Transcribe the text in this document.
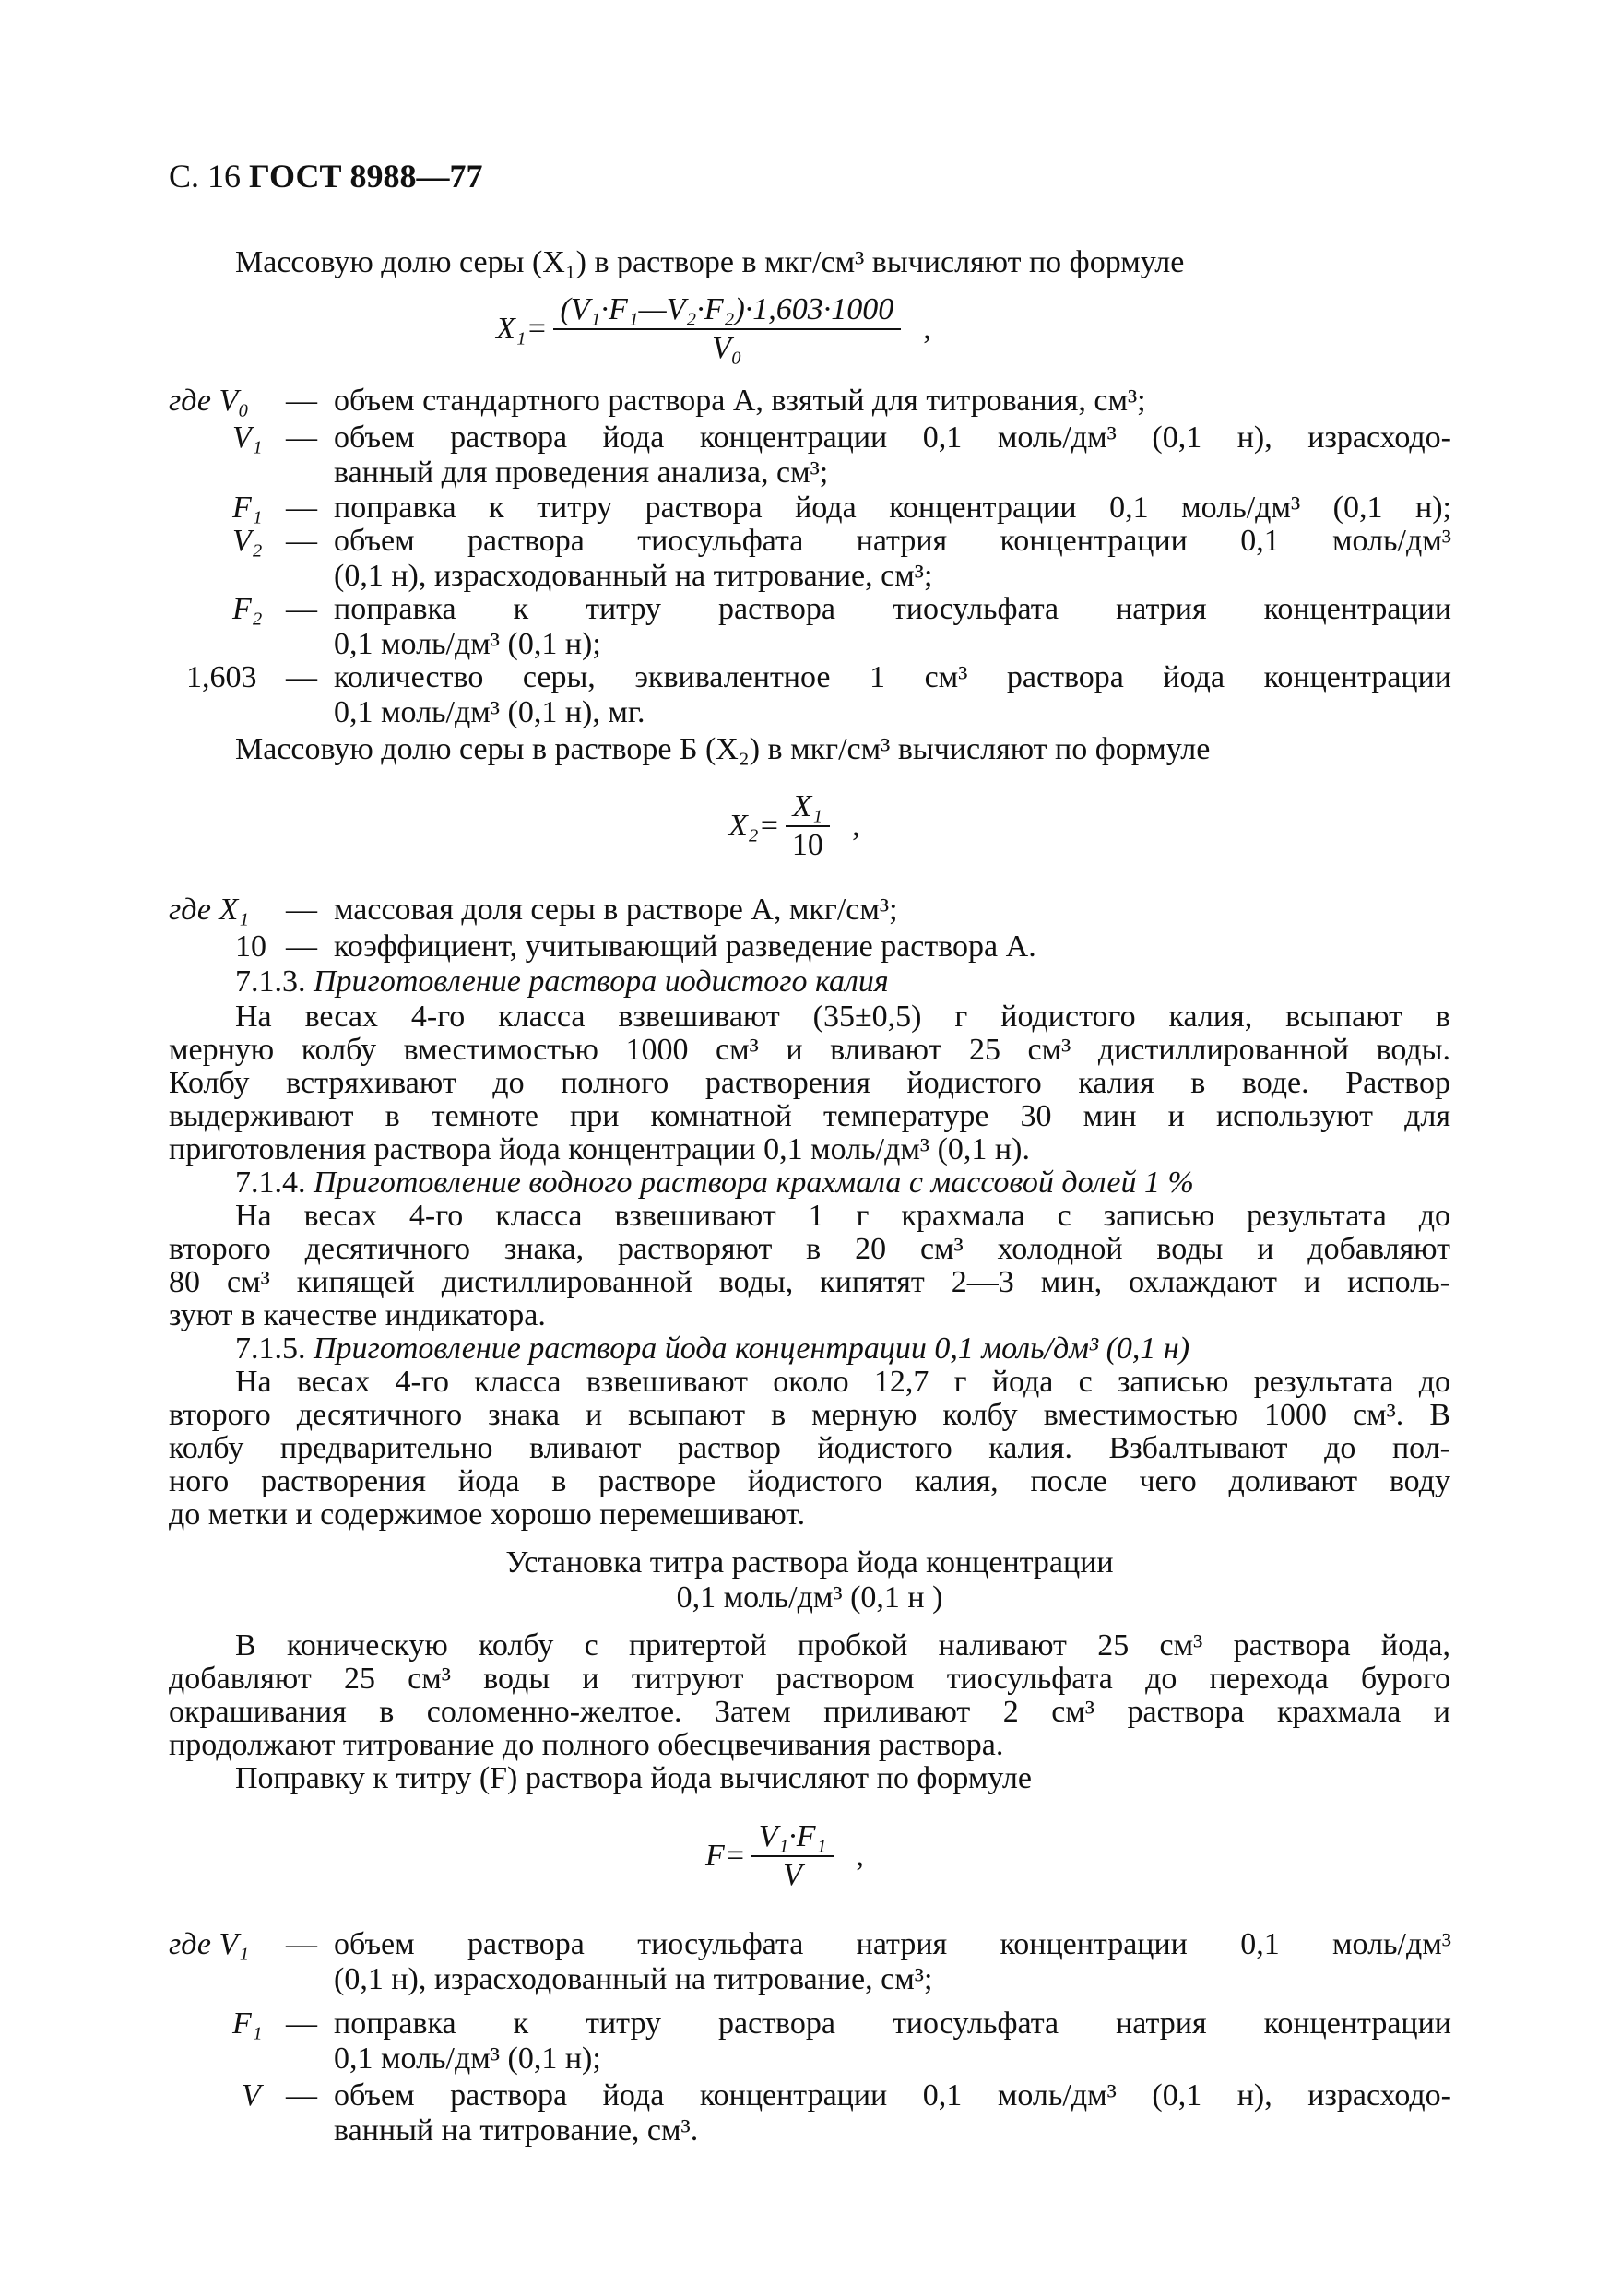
С. 16 ГОСТ 8988—77
Массовую долю серы (X₁) в растворе в мкг/см³ вычисляют по формуле
$X_1= \frac{\text{(V₁·F₁—V₂·F₂)·1,603·1000}}{\text{V₀}}$ ,
где V₀ — объем стандартного раствора А, взятый для титрования, см³;
V₁ — объем раствора йода концентрации 0,1 моль/дм³ (0,1 н), израсходо-
ванный для проведения анализа, см³;
F₁ — поправка к титру раствора йода концентрации 0,1 моль/дм³ (0,1 н);
V₂ — объем раствора тиосульфата натрия концентрации 0,1 моль/дм³
(0,1 н), израсходованный на титрование, см³;
F₂ — поправка к титру раствора тиосульфата натрия концентрации
0,1 моль/дм³ (0,1 н);
1,603 — количество серы, эквивалентное 1 см³ раствора йода концентрации
0,1 моль/дм³ (0,1 н), мг.
Массовую долю серы в растворе Б (X₂) в мкг/см³ вычисляют по формуле
$X_2= \frac{\text{X₁}}{10}$ ,
где X₁ — массовая доля серы в растворе А, мкг/см³;
10 — коэффициент, учитывающий разведение раствора А.
7.1.3. Приготовление раствора иодистого калия
На весах 4-го класса взвешивают (35±0,5) г йодистого калия, всыпают в
мерную колбу вместимостью 1000 см³ и вливают 25 см³ дистиллированной воды.
Колбу встряхивают до полного растворения йодистого калия в воде. Раствор
выдерживают в темноте при комнатной температуре 30 мин и используют для
приготовления раствора йода концентрации 0,1 моль/дм³ (0,1 н).
7.1.4. Приготовление водного раствора крахмала с массовой долей 1 %
На весах 4-го класса взвешивают 1 г крахмала с записью результата до
второго десятичного знака, растворяют в 20 см³ холодной воды и добавляют
80 см³ кипящей дистиллированной воды, кипятят 2—3 мин, охлаждают и исполь-
зуют в качестве индикатора.
7.1.5. Приготовление раствора йода концентрации 0,1 моль/дм³ (0,1 н)
На весах 4-го класса взвешивают около 12,7 г йода с записью результата до
второго десятичного знака и всыпают в мерную колбу вместимостью 1000 см³. В
колбу предварительно вливают раствор йодистого калия. Взбалтывают до пол-
ного растворения йода в растворе йодистого калия, после чего доливают воду
до метки и содержимое хорошо перемешивают.
Установка титра раствора йода концентрации
0,1 моль/дм³ (0,1 н )
В коническую колбу с притертой пробкой наливают 25 см³ раствора йода,
добавляют 25 см³ воды и титруют раствором тиосульфата до перехода бурого
окрашивания в соломенно-желтое. Затем приливают 2 см³ раствора крахмала и
продолжают титрование до полного обесцвечивания раствора.
Поправку к титру (F) раствора йода вычисляют по формуле
$F= \frac{\text{V₁·F₁}}{V}$ ,
где V₁ — объем раствора тиосульфата натрия концентрации 0,1 моль/дм³
(0,1 н), израсходованный на титрование, см³;
F₁ — поправка к титру раствора тиосульфата натрия концентрации
0,1 моль/дм³ (0,1 н);
V — объем раствора йода концентрации 0,1 моль/дм³ (0,1 н), израсходо-
ванный на титрование, см³.
